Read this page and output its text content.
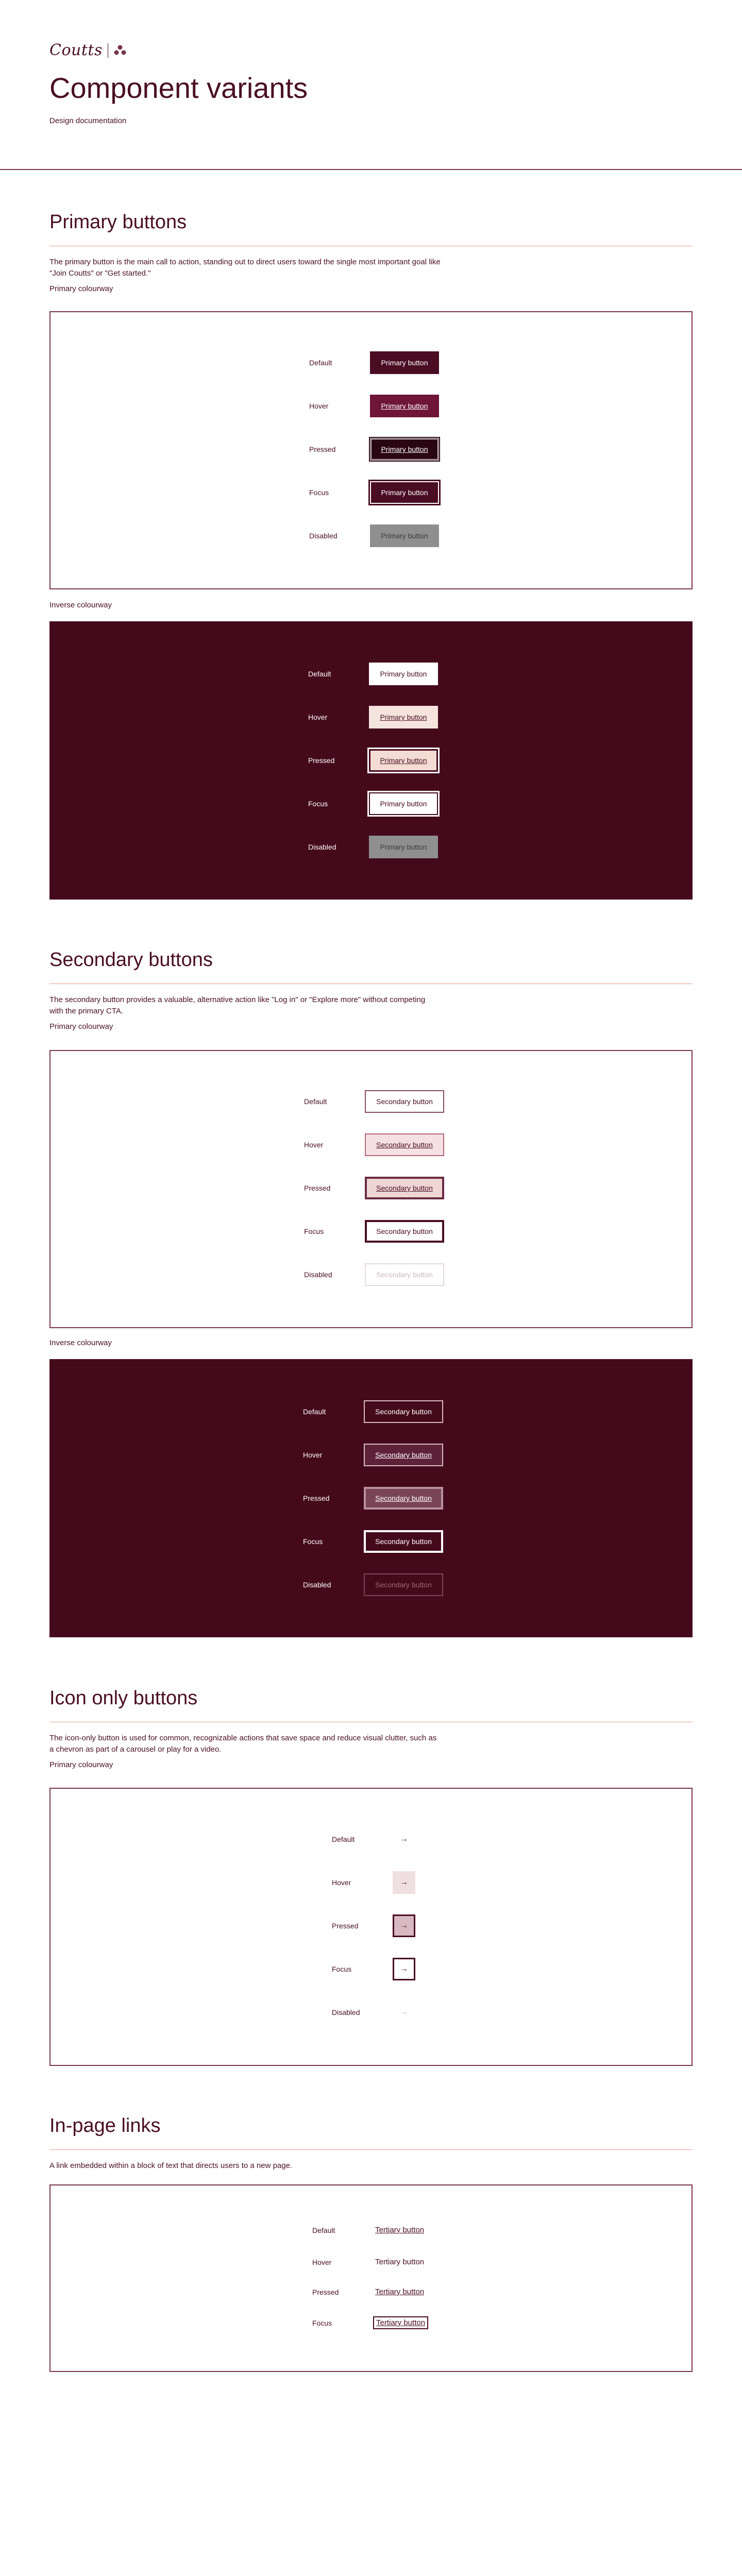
Coutts
Component variants
Design documentation
Primary buttons

The primary button is the main call to action, standing out to direct users toward the single most important goal like "Join Coutts" or "Get started."

Primary colourway
Default	Primary button
Hover	Primary button
Pressed	Primary button
Focus	Primary button
Disabled	Primary button
Inverse colourway
Default	Primary button
Hover	Primary button
Pressed	Primary button
Focus	Primary button
Disabled	Primary button
Secondary buttons

The secondary button provides a valuable, alternative action like "Log in" or "Explore more" without competing with the primary CTA.

Primary colourway
Default	Secondary button
Hover	Secondary button
Pressed	Secondary button
Focus	Secondary button
Disabled	Secondary button
Inverse colourway
Default	Secondary button
Hover	Secondary button
Pressed	Secondary button
Focus	Secondary button
Disabled	Secondary button
Icon only buttons

The icon-only button is used for common, recognizable actions that save space and reduce visual clutter, such as a chevron as part of a carousel or play for a video.

Primary colourway
Default	→
Hover	→
Pressed	→
Focus	→
Disabled	→
In-page links

A link embedded within a block of text that directs users to a new page.

Default	Tertiary button
Hover	Tertiary button
Pressed	Tertiary button
Focus	Tertiary button
